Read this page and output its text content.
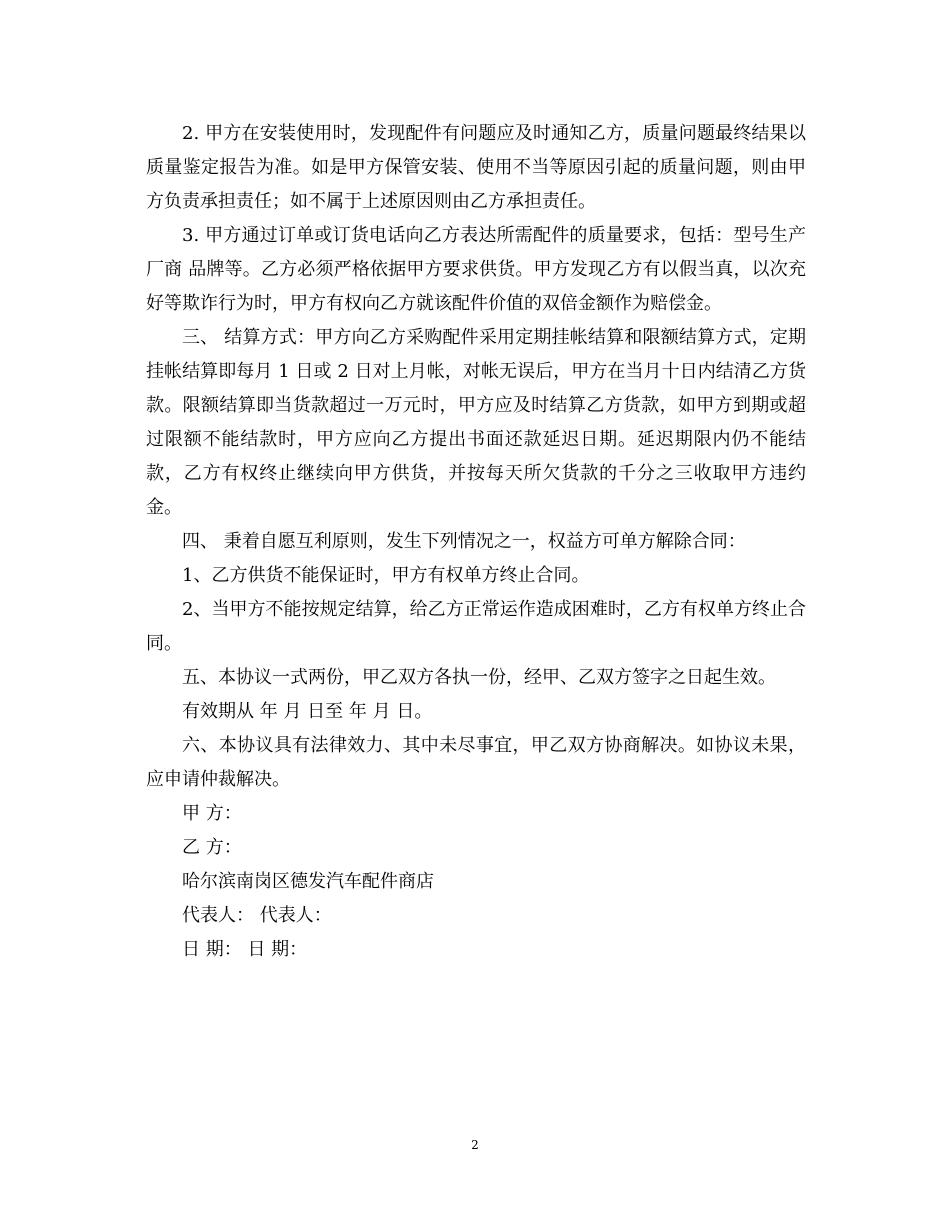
2. 甲方在安装使用时，发现配件有问题应及时通知乙方，质量问题最终结果以质量鉴定报告为准。如是甲方保管安装、使用不当等原因引起的质量问题，则由甲方负责承担责任；如不属于上述原因则由乙方承担责任。

3. 甲方通过订单或订货电话向乙方表达所需配件的质量要求，包括：型号生产厂商 品牌等。乙方必须严格依据甲方要求供货。甲方发现乙方有以假当真，以次充好等欺诈行为时，甲方有权向乙方就该配件价值的双倍金额作为赔偿金。

三、 结算方式：甲方向乙方采购配件采用定期挂帐结算和限额结算方式，定期挂帐结算即每月 1 日或 2 日对上月帐，对帐无误后，甲方在当月十日内结清乙方货款。限额结算即当货款超过一万元时，甲方应及时结算乙方货款，如甲方到期或超过限额不能结款时，甲方应向乙方提出书面还款延迟日期。延迟期限内仍不能结款，乙方有权终止继续向甲方供货，并按每天所欠货款的千分之三收取甲方违约金。

四、 秉着自愿互利原则，发生下列情况之一，权益方可单方解除合同：

1、乙方供货不能保证时，甲方有权单方终止合同。

2、当甲方不能按规定结算，给乙方正常运作造成困难时，乙方有权单方终止合同。

五、本协议一式两份，甲乙双方各执一份，经甲、乙双方签字之日起生效。

有效期从 年 月 日至 年 月 日。

六、本协议具有法律效力、其中未尽事宜，甲乙双方协商解决。如协议未果，应申请仲裁解决。

甲 方：

乙 方：

哈尔滨南岗区德发汽车配件商店

代表人： 代表人：

日 期： 日 期：

2
